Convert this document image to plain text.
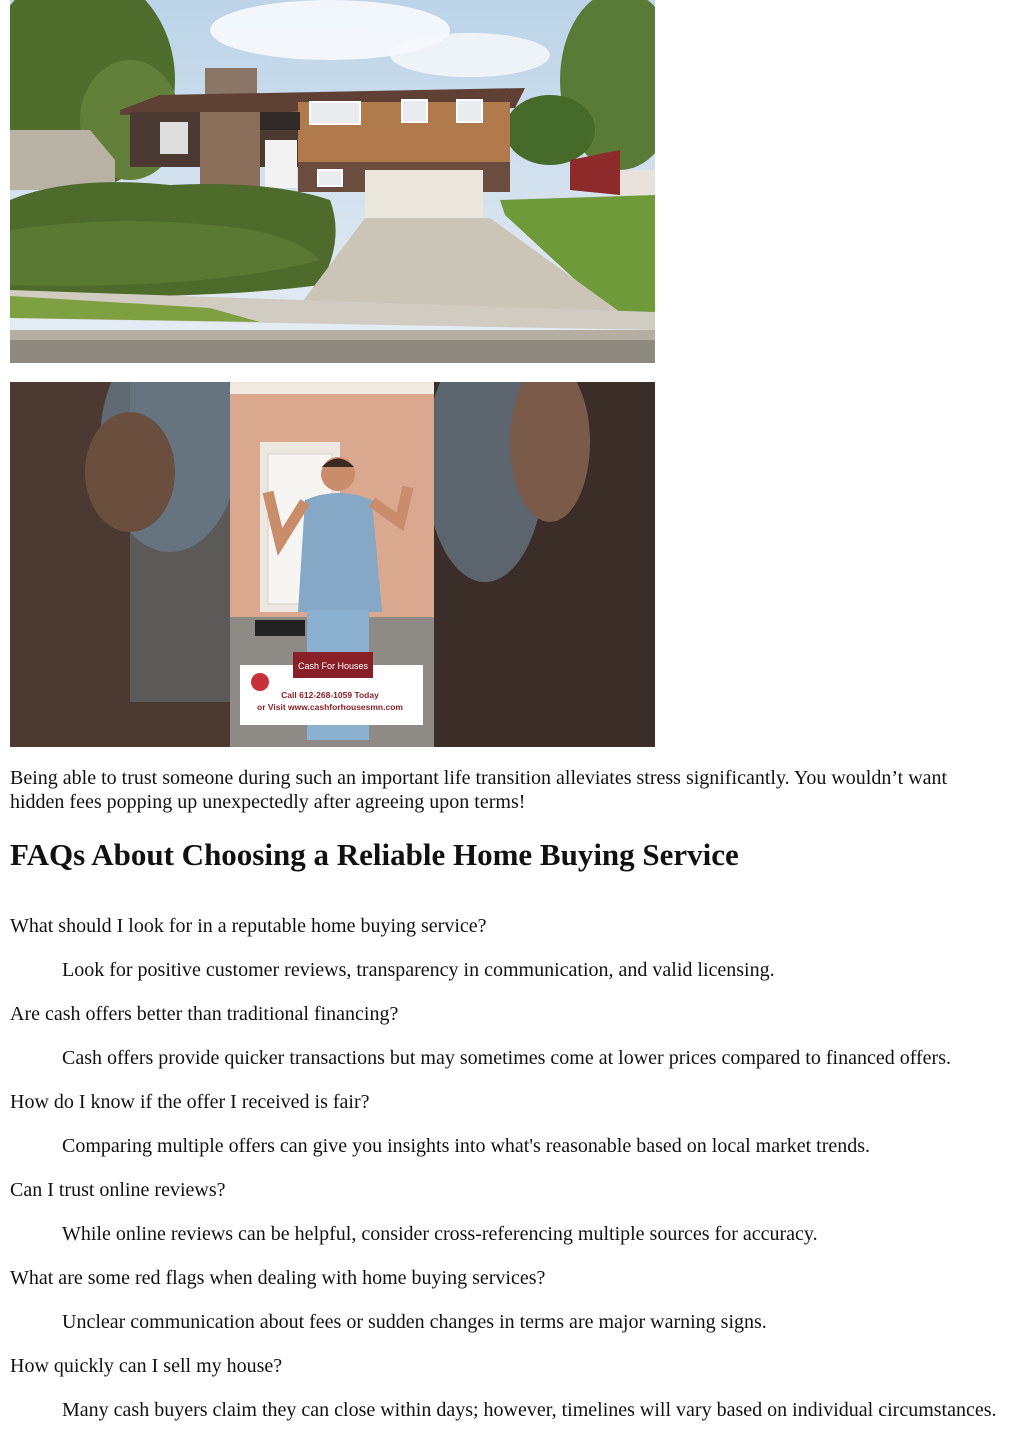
Cash For Houses
Call 612-268-1059 Today
or Visit www.cashforhousesmn.com

Being able to trust someone during such an important life transition alleviates stress significantly. You wouldn’t want hidden fees popping up unexpectedly after agreeing upon terms!

FAQs About Choosing a Reliable Home Buying Service
What should I look for in a reputable home buying service?
Look for positive customer reviews, transparency in communication, and valid licensing.
Are cash offers better than traditional financing?
Cash offers provide quicker transactions but may sometimes come at lower prices compared to financed offers.
How do I know if the offer I received is fair?
Comparing multiple offers can give you insights into what's reasonable based on local market trends.
Can I trust online reviews?
While online reviews can be helpful, consider cross-referencing multiple sources for accuracy.
What are some red flags when dealing with home buying services?
Unclear communication about fees or sudden changes in terms are major warning signs.
How quickly can I sell my house?
Many cash buyers claim they can close within days; however, timelines will vary based on individual circumstances.
